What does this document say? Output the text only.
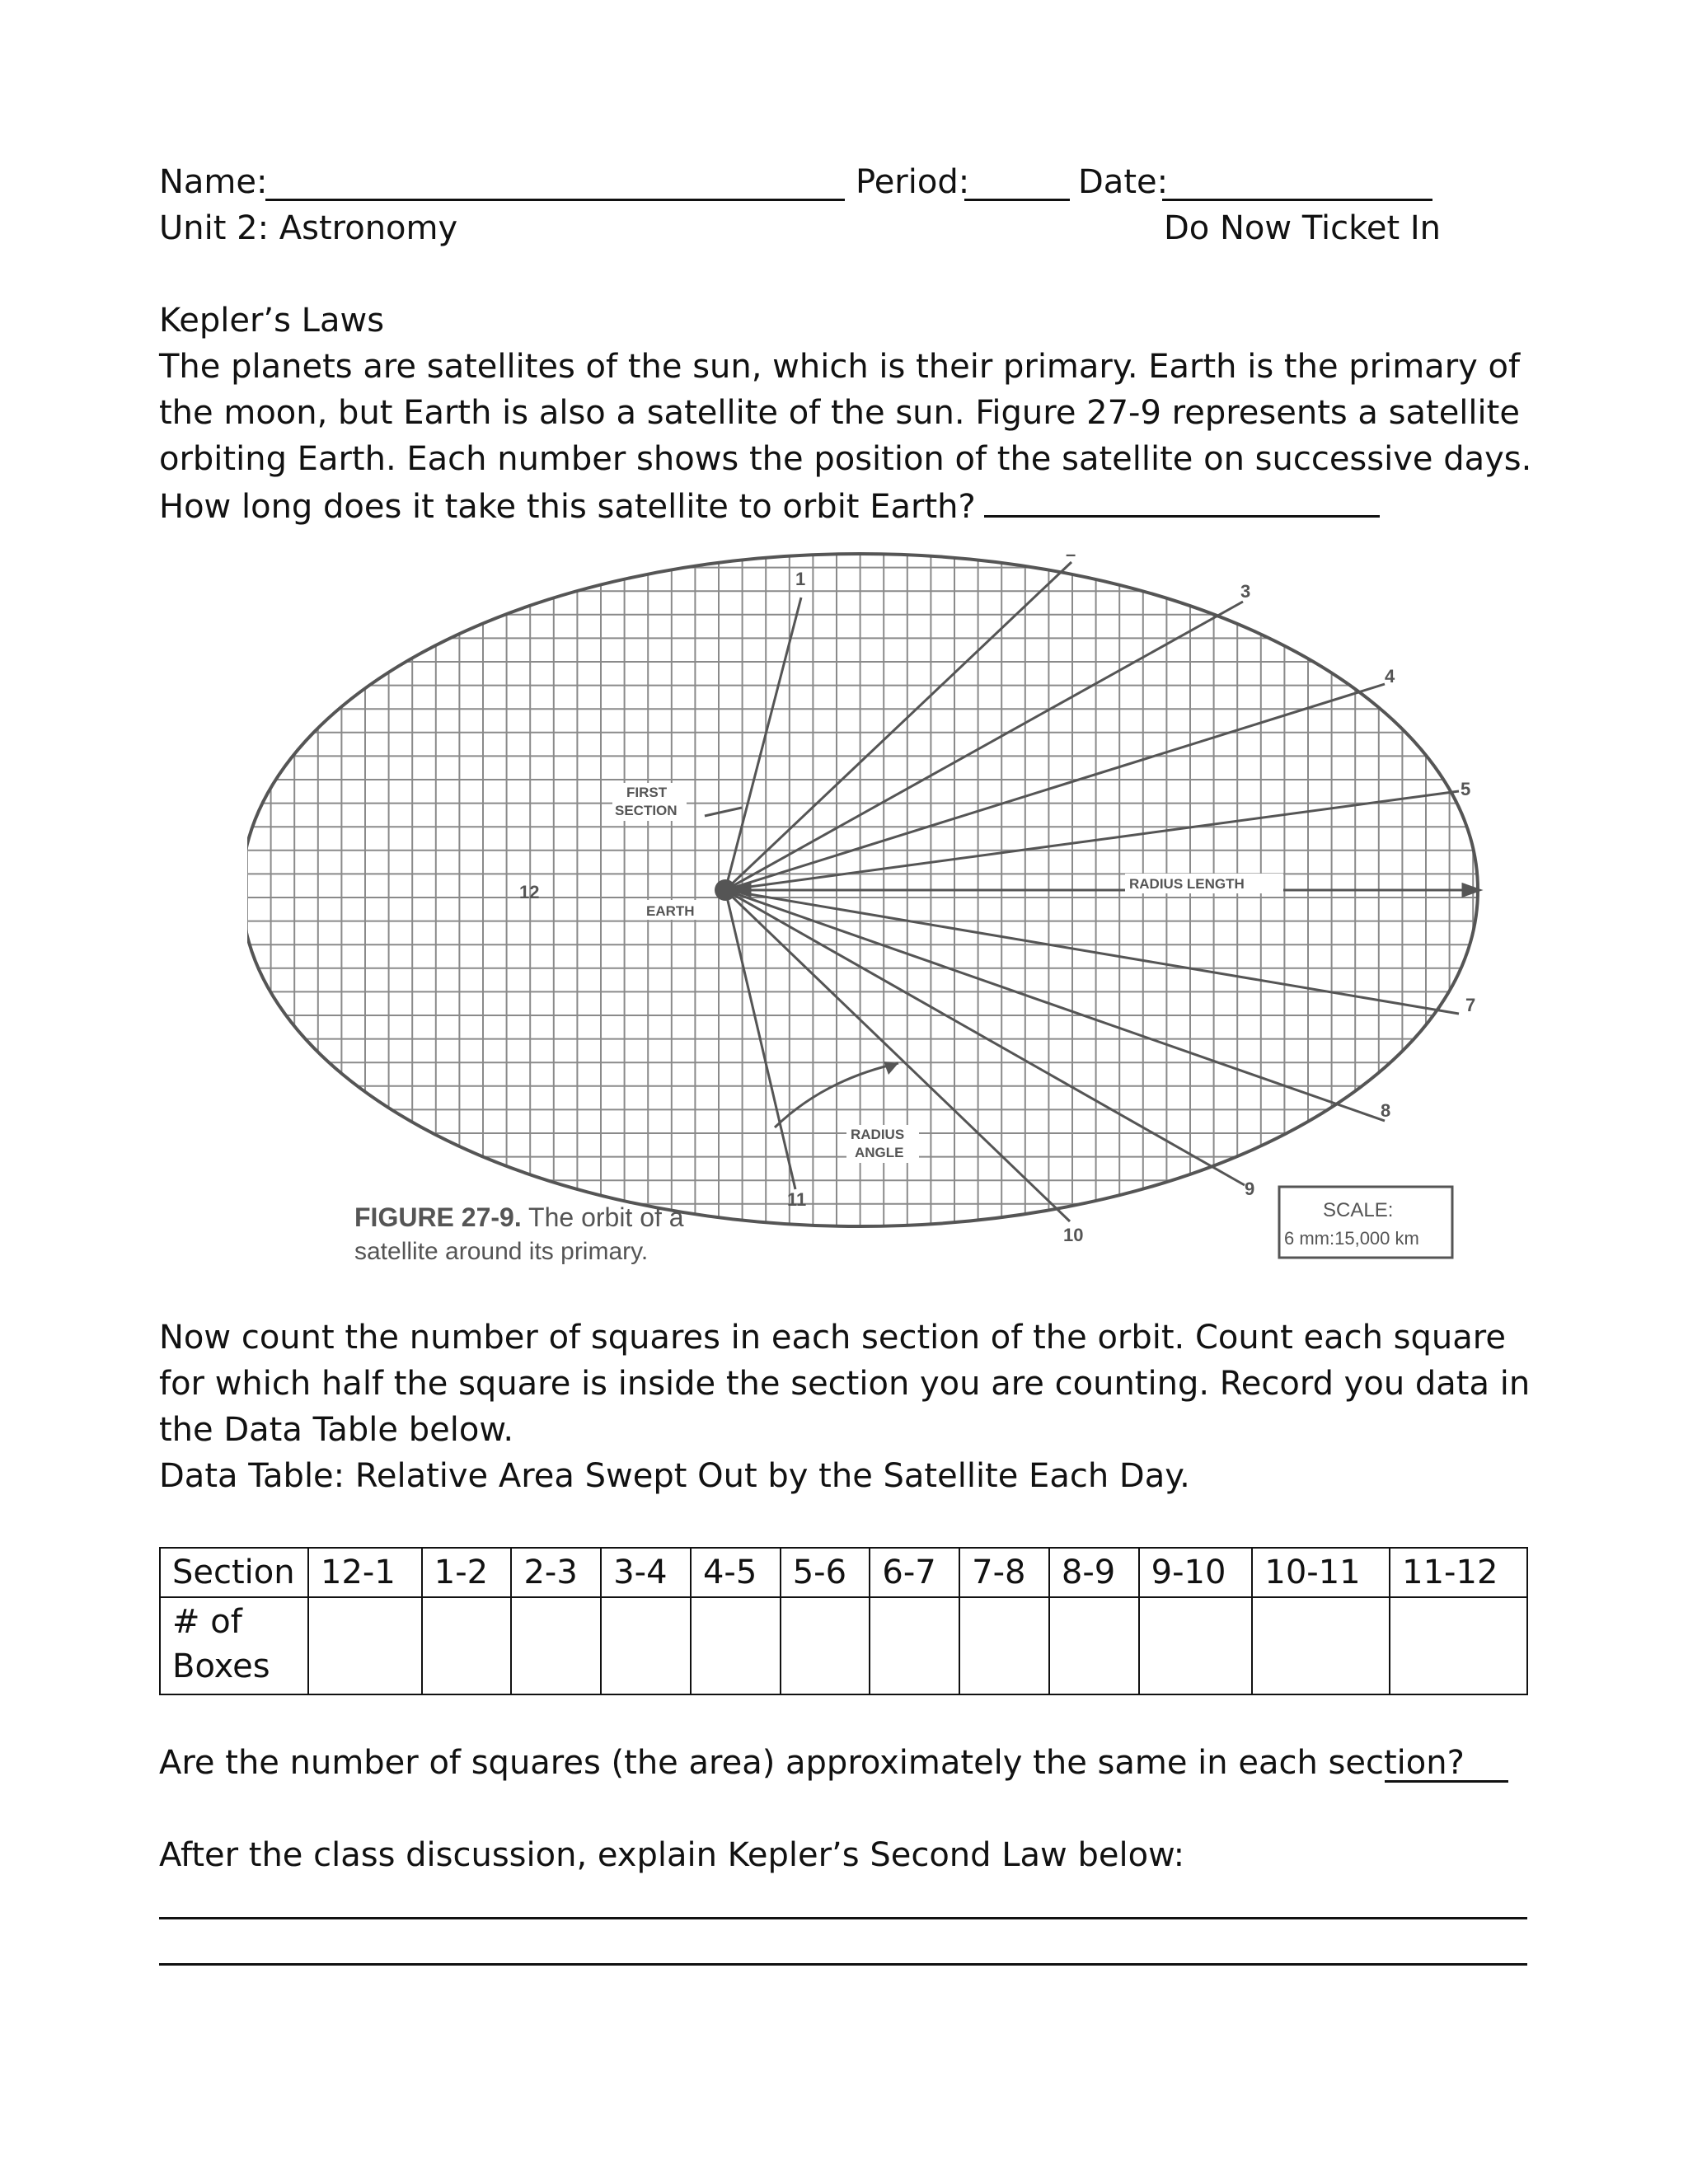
Name:	Period:	Date:
Unit 2: Astronomy	Do Now Ticket In
Kepler’s Laws
The planets are satellites of the sun, which is their primary. Earth is the primary of the moon, but Earth is also a satellite of the sun. Figure 27-9 represents a satellite orbiting Earth. Each number shows the position of the satellite on successive days. How long does it take this satellite to orbit Earth?
1
–
3
4
5
7
8
9
10
11
12
FIRST
SECTION
EARTH
RADIUS LENGTH
RADIUS
ANGLE
SCALE:
6 mm:15,000 km
FIGURE 27-9. The orbit of a
satellite around its primary.
Now count the number of squares in each section of the orbit. Count each square for which half the square is inside the section you are counting. Record you data in the Data Table below.
Data Table: Relative Area Swept Out by the Satellite Each Day.
Section	12-1	1-2	2-3	3-4	4-5	5-6	6-7	7-8	8-9	9-10	10-11	11-12
# of Boxes												
Are the number of squares (the area) approximately the same in each section?
After the class discussion, explain Kepler’s Second Law below:
